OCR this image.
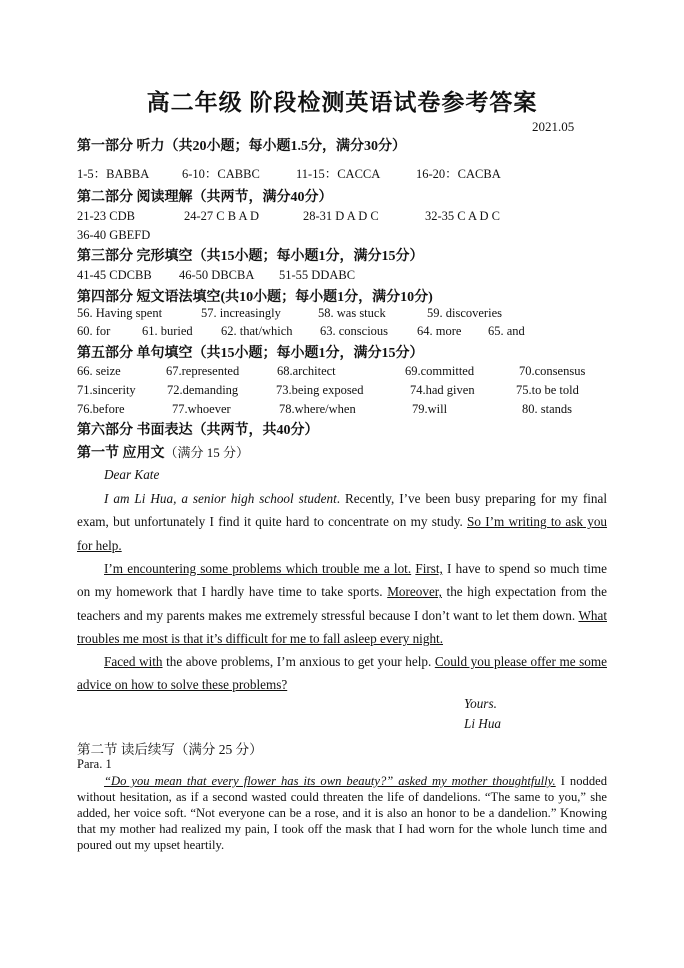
高二年级 阶段检测英语试卷参考答案
2021.05
第一部分 听力（共20小题；每小题1.5分，满分30分）
1-5：BABBA	6-10：CABBC	11-15：CACCA	16-20：CACBA
第二部分 阅读理解（共两节，满分40分）
21-23 CDB	24-27 C B A D	28-31 D A D C	32-35 C A D C
36-40 GBEFD
第三部分 完形填空（共15小题；每小题1分，满分15分）
41-45 CDCBB 46-50 DBCBA 51-55 DDABC
第四部分 短文语法填空(共10小题；每小题1分，满分10分)
56. Having spent	57. increasingly	58. was stuck	59. discoveries
60. for	61. buried 62. that/which 63. conscious 64. more 65. and
第五部分 单句填空（共15小题；每小题1分，满分15分）
66. seize	67.represented	68.architect	69.committed	70.consensus
71.sincerity	72.demanding	73.being exposed	74.had given	75.to be told
76.before	77.whoever	78.where/when	79.will	80. stands
第六部分 书面表达（共两节，共40分）
第一节 应用文（满分 15 分）
Dear Kate
I am Li Hua, a senior high school student. Recently, I’ve been busy preparing for my final exam, but unfortunately I find it quite hard to concentrate on my study. So I’m writing to ask you for help.
I’m encountering some problems which trouble me a lot. First, I have to spend so much time on my homework that I hardly have time to take sports. Moreover, the high expectation from the teachers and my parents makes me extremely stressful because I don’t want to let them down. What troubles me most is that it’s difficult for me to fall asleep every night.
Faced with the above problems, I’m anxious to get your help. Could you please offer me some advice on how to solve these problems?
Yours.
Li Hua
第二节 读后续写（满分 25 分）
Para. 1
“Do you mean that every flower has its own beauty?” asked my mother thoughtfully. I nodded without hesitation, as if a second wasted could threaten the life of dandelions. “The same to you,” she added, her voice soft. “Not everyone can be a rose, and it is also an honor to be a dandelion.” Knowing that my mother had realized my pain, I took off the mask that I had worn for the whole lunch time and poured out my upset heartily.
